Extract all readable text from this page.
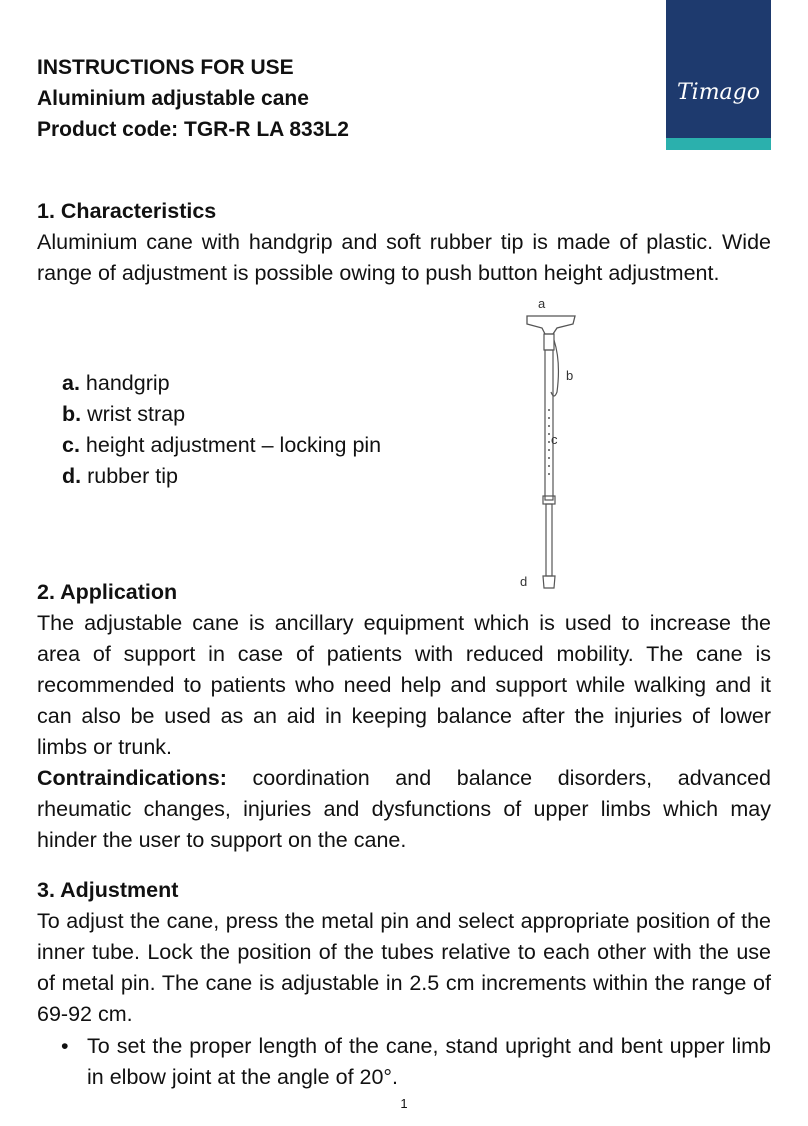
INSTRUCTIONS FOR USE
Aluminium adjustable cane
Product code: TGR-R LA 833L2
Timago
1. Characteristics
Aluminium cane with handgrip and soft rubber tip is made of plastic. Wide range of adjustment is possible owing to push button height adjustment.
a. handgrip
b. wrist strap
c. height adjustment – locking pin
d. rubber tip
a
b
c
d
2. Application
The adjustable cane is ancillary equipment which is used to increase the area of support in case of patients with reduced mobility. The cane is recommended to patients who need help and support while walking and it can also be used as an aid in keeping balance after the injuries of lower limbs or trunk.
Contraindications: coordination and balance disorders, advanced rheumatic changes, injuries and dysfunctions of upper limbs which may hinder the user to support on the cane.
3. Adjustment
To adjust the cane, press the metal pin and select appropriate position of the inner tube. Lock the position of the tubes relative to each other with the use of metal pin. The cane is adjustable in 2.5 cm increments within the range of 69-92 cm.
• To set the proper length of the cane, stand upright and bent upper limb in elbow joint at the angle of 20°.
1
